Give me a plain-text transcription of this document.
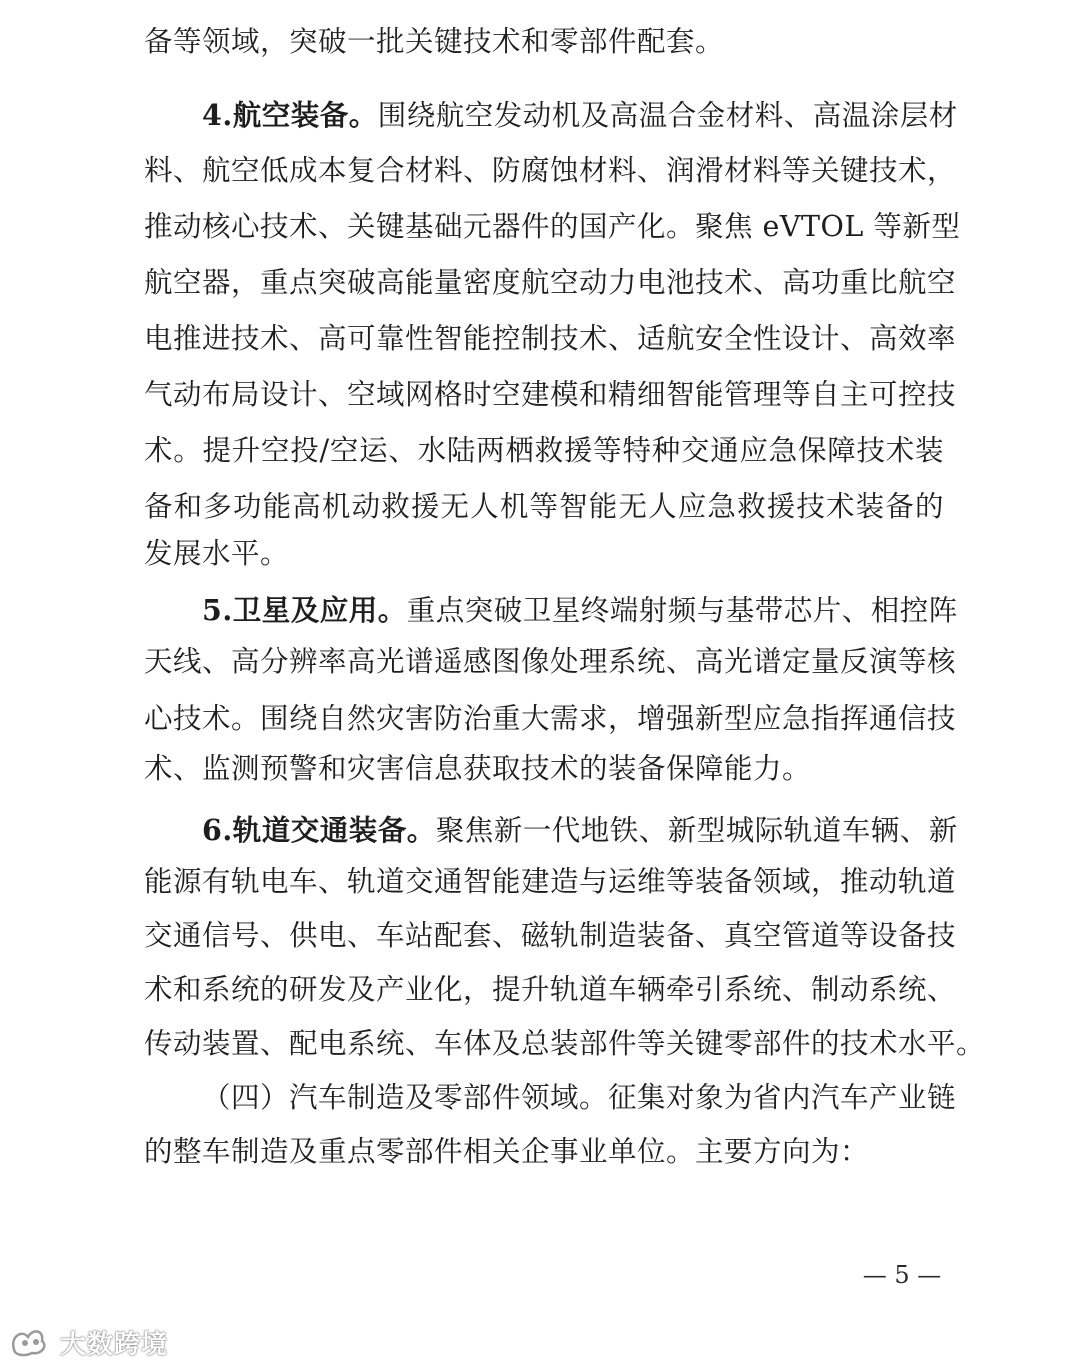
备等领域，突破一批关键技术和零部件配套。
4.航空装备。围绕航空发动机及高温合金材料、高温涂层材
料、航空低成本复合材料、防腐蚀材料、润滑材料等关键技术，
推动核心技术、关键基础元器件的国产化。聚焦 eVTOL 等新型
航空器，重点突破高能量密度航空动力电池技术、高功重比航空
电推进技术、高可靠性智能控制技术、适航安全性设计、高效率
气动布局设计、空域网格时空建模和精细智能管理等自主可控技
术。提升空投/空运、水陆两栖救援等特种交通应急保障技术装
备和多功能高机动救援无人机等智能无人应急救援技术装备的
发展水平。
5.卫星及应用。重点突破卫星终端射频与基带芯片、相控阵
天线、高分辨率高光谱遥感图像处理系统、高光谱定量反演等核
心技术。围绕自然灾害防治重大需求，增强新型应急指挥通信技
术、监测预警和灾害信息获取技术的装备保障能力。
6.轨道交通装备。聚焦新一代地铁、新型城际轨道车辆、新
能源有轨电车、轨道交通智能建造与运维等装备领域，推动轨道
交通信号、供电、车站配套、磁轨制造装备、真空管道等设备技
术和系统的研发及产业化，提升轨道车辆牵引系统、制动系统、
传动装置、配电系统、车体及总装部件等关键零部件的技术水平。
（四）汽车制造及零部件领域。征集对象为省内汽车产业链
的整车制造及重点零部件相关企事业单位。主要方向为：
— 5 —
大数跨境
